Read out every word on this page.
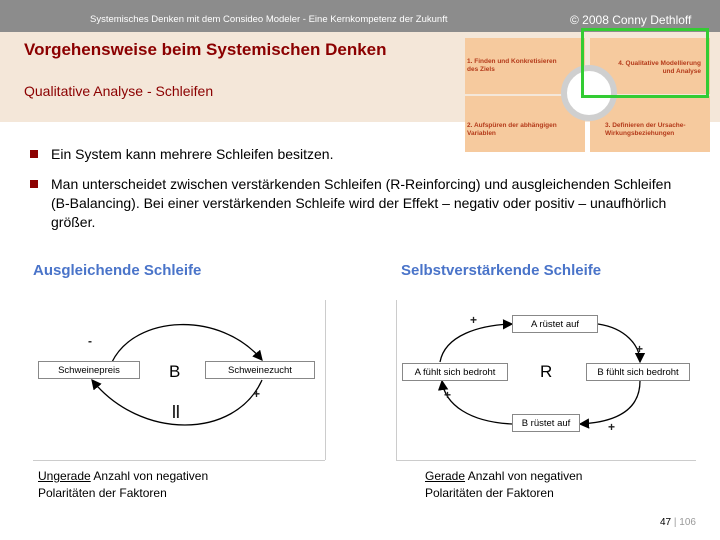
Systemisches Denken mit dem Consideo Modeler - Eine Kernkompetenz der Zukunft	© 2008 Conny Dethloff
Vorgehensweise beim Systemischen Denken
Qualitative Analyse - Schleifen
1. Finden und Konkretisieren des Ziels
4. Qualitative Modellierung und Analyse
2. Aufspüren der abhängigen Variablen
3. Definieren der Ursache-Wirkungsbeziehungen
Ein System kann mehrere Schleifen besitzen.
Man unterscheidet zwischen verstärkenden Schleifen (R-Reinforcing) und ausgleichenden Schleifen (B-Balancing). Bei einer verstärkenden Schleife wird der Effekt – negativ oder positiv – unaufhörlich größer.
Ausgleichende Schleife	Selbstverstärkende Schleife
Schweinepreis	Schweinezucht
B
-
+
||
A rüstet auf
A fühlt sich bedroht	B fühlt sich bedroht
B rüstet auf
R
+
+
+
+
Ungerade Anzahl von negativen
Polaritäten der Faktoren
Gerade Anzahl von negativen
Polaritäten der Faktoren
47 | 106
